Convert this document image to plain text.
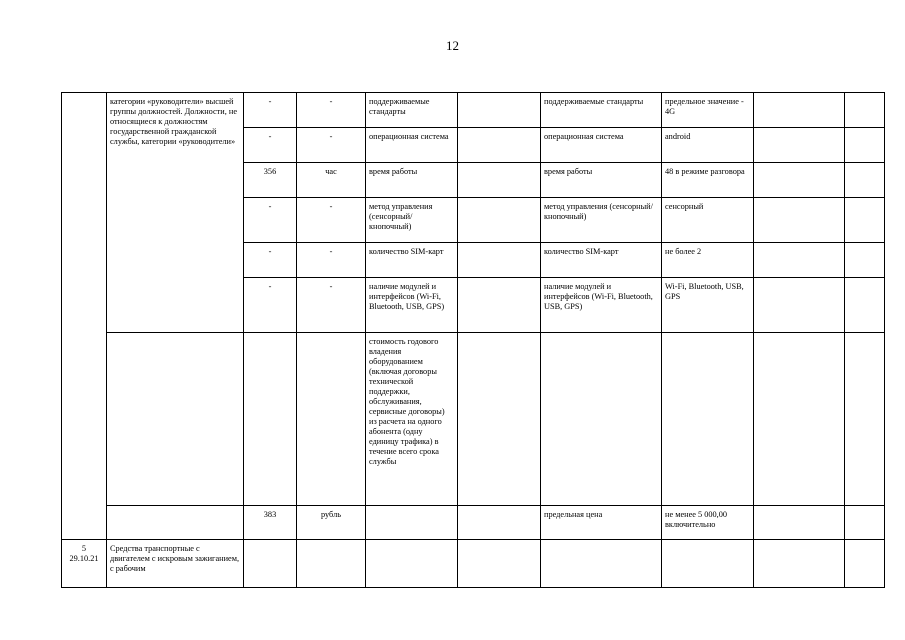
12
	категории «руководители» высшей группы должностей. Должности, не относящиеся к должностям государственной гражданской службы, категории «руководители»	-	-	поддерживаемые стандарты		поддерживаемые стандарты	предельное значение - 4G		
		-	-	операционная система		операционная система	android		
		356	час	время работы		время работы	48 в режиме разговора		
		-	-	метод управления (сенсорный/ кнопочный)		метод управления (сенсорный/ кнопочный)	сенсорный		
		-	-	количество SIM-карт		количество SIM-карт	не более 2		
		-	-	наличие модулей и интерфейсов (Wi-Fi, Bluetooth, USB, GPS)		наличие модулей и интерфейсов (Wi-Fi, Bluetooth, USB, GPS)	Wi-Fi, Bluetooth, USB, GPS		
				стоимость годового владения оборудованием (включая договоры технической поддержки, обслуживания, сервисные договоры) из расчета на одного абонента (одну единицу трафика) в течение всего срока службы					
		383	рубль			предельная цена	не менее 5 000,00 включительно		
5
29.10.21	Средства транспортные с двигателем с искровым зажиганием, с рабочим								
